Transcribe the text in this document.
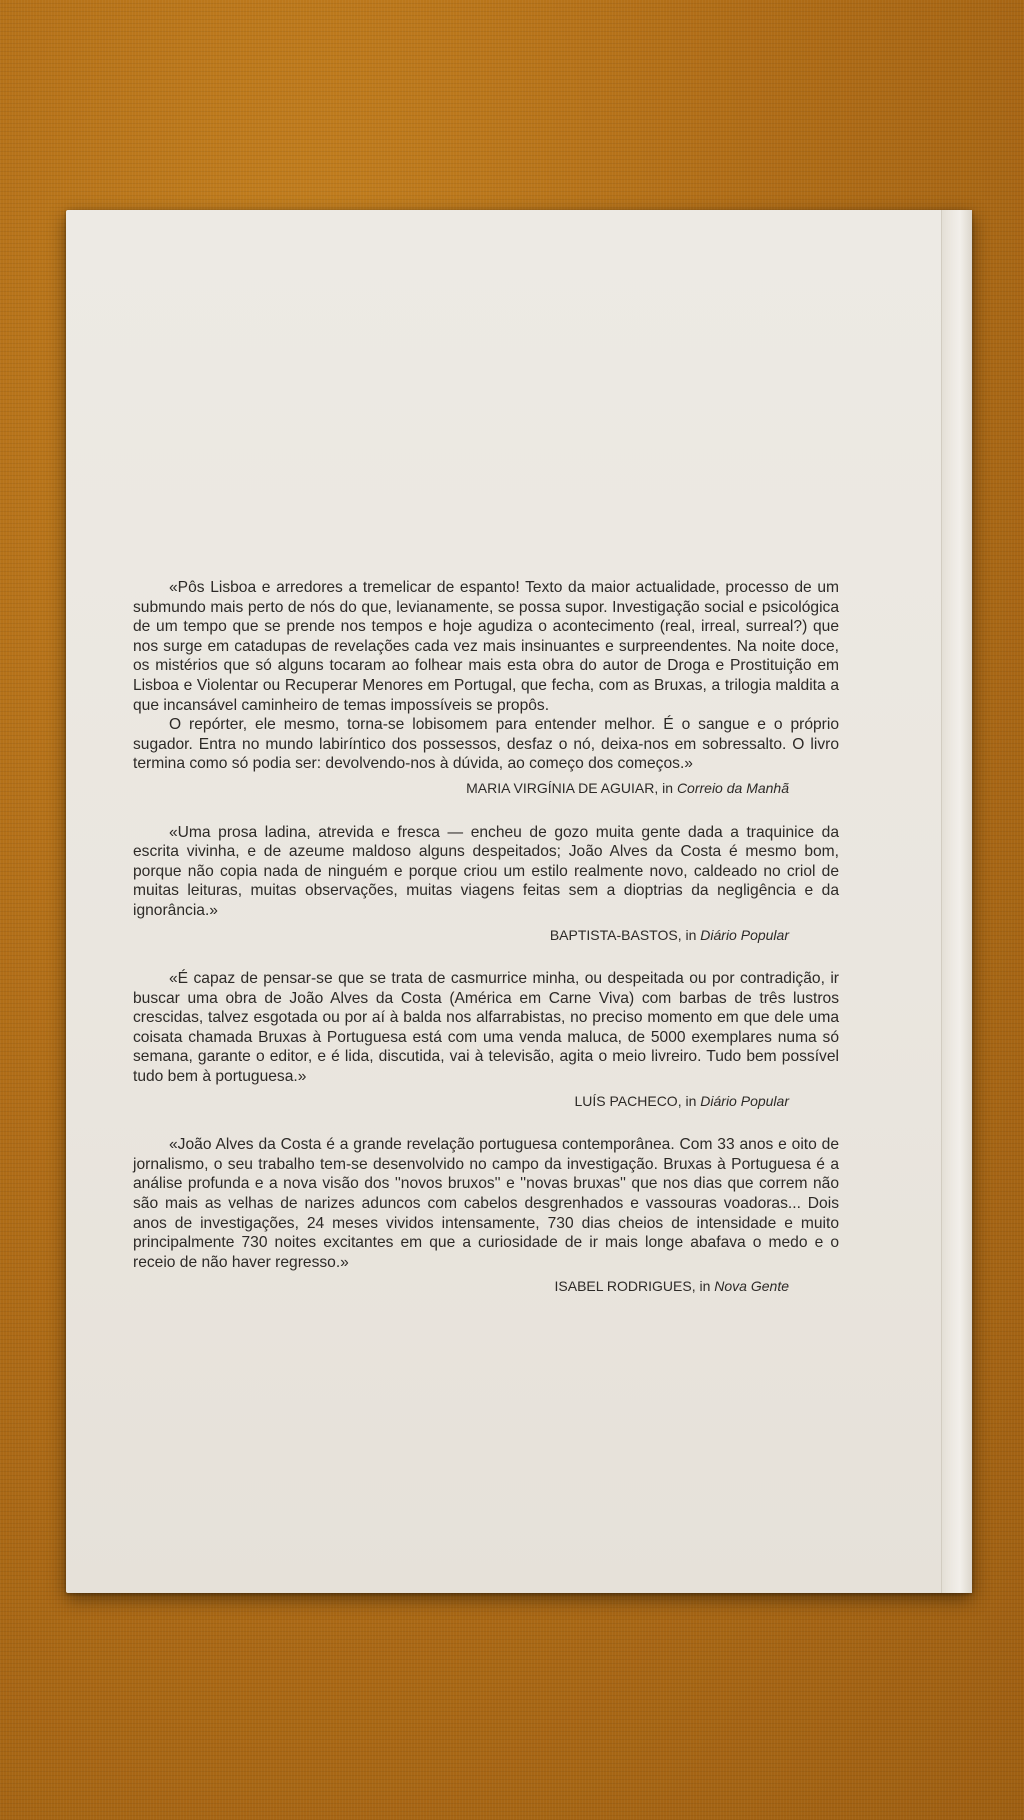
«Pôs Lisboa e arredores a tremelicar de espanto! Texto da maior actualidade, processo de um submundo mais perto de nós do que, levianamente, se possa supor. Investigação social e psicológica de um tempo que se prende nos tempos e hoje agudiza o acontecimento (real, irreal, surreal?) que nos surge em catadupas de revelações cada vez mais insinuantes e surpreendentes. Na noite doce, os mistérios que só alguns tocaram ao folhear mais esta obra do autor de Droga e Prostituição em Lisboa e Violentar ou Recuperar Menores em Portugal, que fecha, com as Bruxas, a trilogia maldita a que incansável caminheiro de temas impossíveis se propôs.

O repórter, ele mesmo, torna-se lobisomem para entender melhor. É o sangue e o próprio sugador. Entra no mundo labiríntico dos possessos, desfaz o nó, deixa-nos em sobressalto. O livro termina como só podia ser: devolvendo-nos à dúvida, ao começo dos começos.»

MARIA VIRGÍNIA DE AGUIAR, in Correio da Manhã

«Uma prosa ladina, atrevida e fresca — encheu de gozo muita gente dada a traquinice da escrita vivinha, e de azeume maldoso alguns despeitados; João Alves da Costa é mesmo bom, porque não copia nada de ninguém e porque criou um estilo realmente novo, caldeado no criol de muitas leituras, muitas observações, muitas viagens feitas sem a dioptrias da negligência e da ignorância.»

BAPTISTA-BASTOS, in Diário Popular

«É capaz de pensar-se que se trata de casmurrice minha, ou despeitada ou por contradição, ir buscar uma obra de João Alves da Costa (América em Carne Viva) com barbas de três lustros crescidas, talvez esgotada ou por aí à balda nos alfarrabistas, no preciso momento em que dele uma coisata chamada Bruxas à Portuguesa está com uma venda maluca, de 5000 exemplares numa só semana, garante o editor, e é lida, discutida, vai à televisão, agita o meio livreiro. Tudo bem possível tudo bem à portuguesa.»

LUÍS PACHECO, in Diário Popular

«João Alves da Costa é a grande revelação portuguesa contemporânea. Com 33 anos e oito de jornalismo, o seu trabalho tem-se desenvolvido no campo da investigação. Bruxas à Portuguesa é a análise profunda e a nova visão dos ''novos bruxos'' e ''novas bruxas'' que nos dias que correm não são mais as velhas de narizes aduncos com cabelos desgrenhados e vassouras voadoras... Dois anos de investigações, 24 meses vividos intensamente, 730 dias cheios de intensidade e muito principalmente 730 noites excitantes em que a curiosidade de ir mais longe abafava o medo e o receio de não haver regresso.»

ISABEL RODRIGUES, in Nova Gente
